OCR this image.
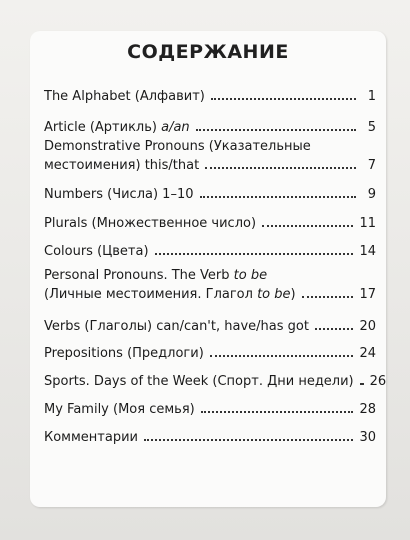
СОДЕРЖАНИЕ
The Alphabet (Алфавит)	1
Article (Артикль) a/an	5
Demonstrative Pronouns (Указательные
местоимения) this/that	7
Numbers (Числа) 1–10	9
Plurals (Множественное число)	11
Colours (Цвета)	14
Personal Pronouns. The Verb to be
(Личные местоимения. Глагол to be)	17
Verbs (Глаголы) can/can't, have/has got	20
Prepositions (Предлоги)	24
Sports. Days of the Week (Спорт. Дни недели) 26
My Family (Моя семья)	28
Комментарии	30
